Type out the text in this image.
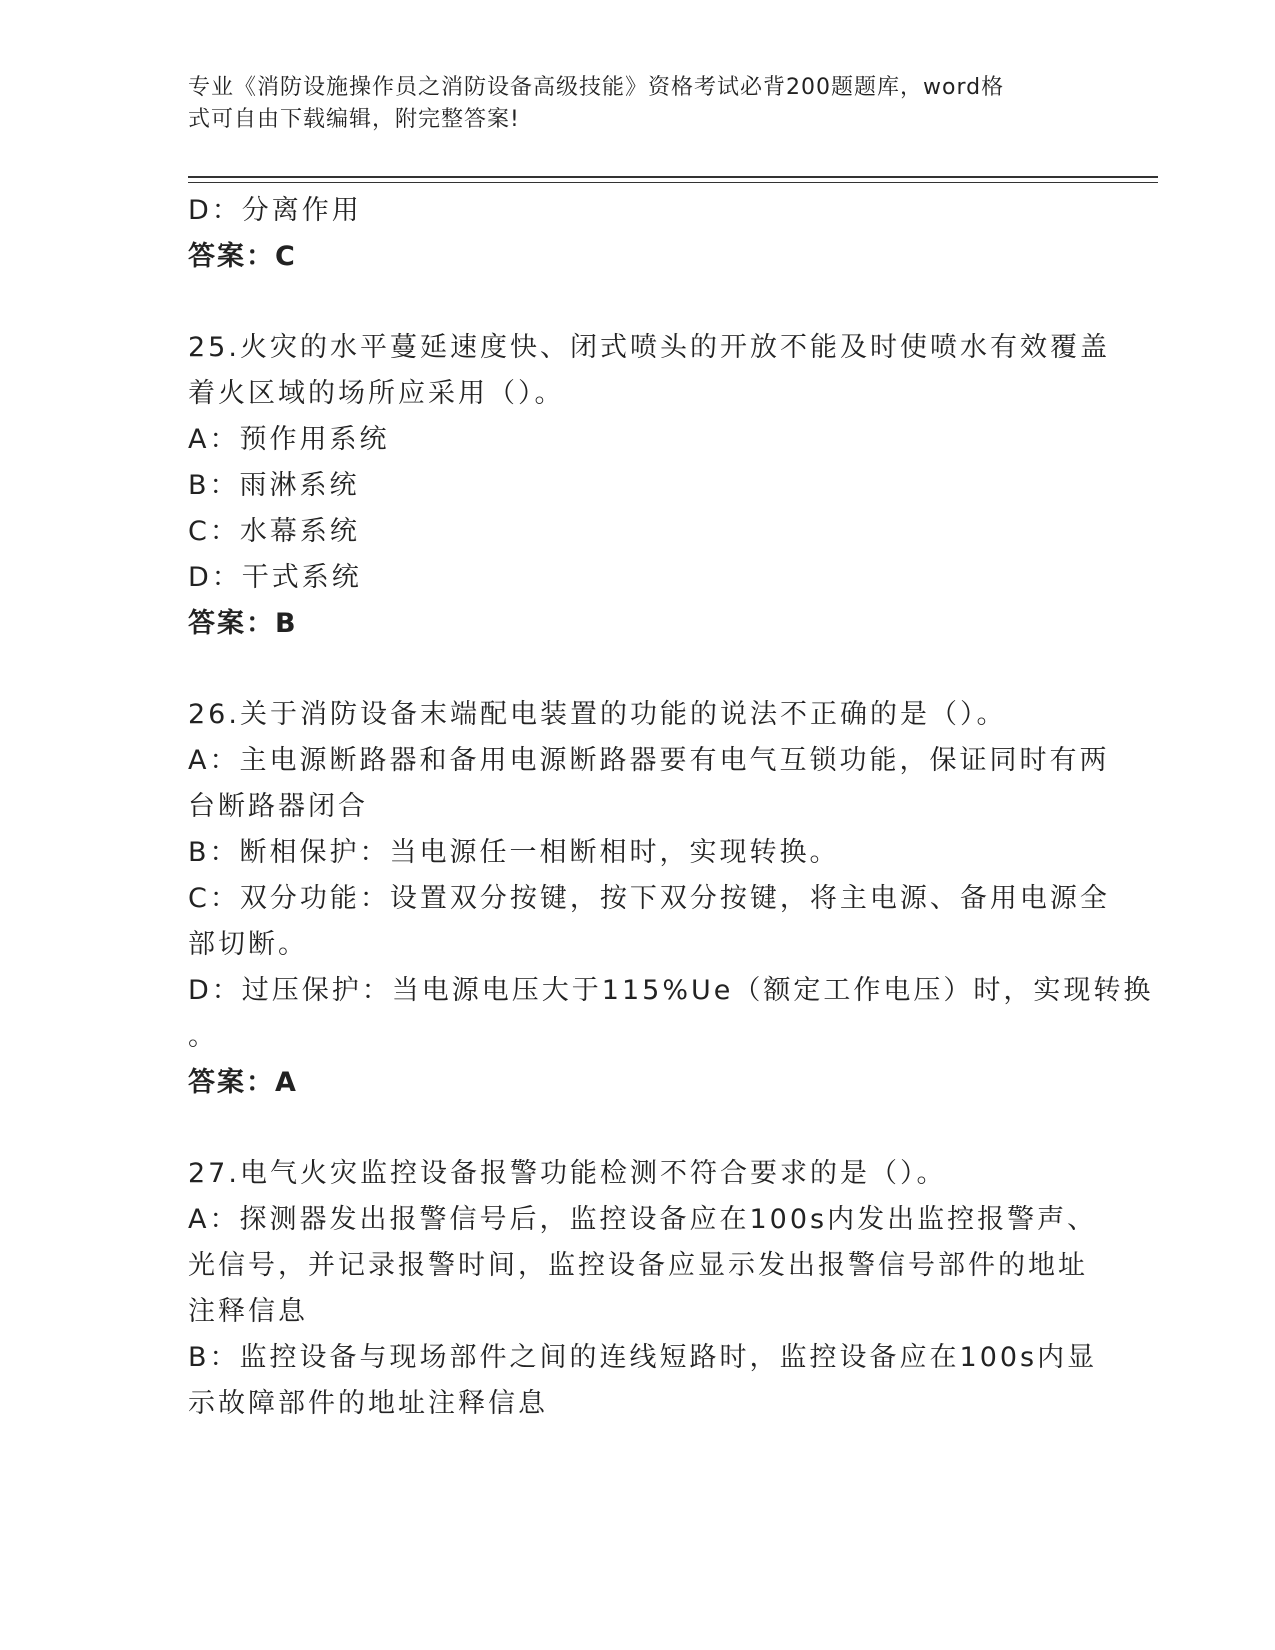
专业《消防设施操作员之消防设备高级技能》资格考试必背200题题库，word格
式可自由下载编辑，附完整答案!
D：分离作用
答案：C
25.火灾的水平蔓延速度快、闭式喷头的开放不能及时使喷水有效覆盖
着火区域的场所应采用（）。
A：预作用系统
B：雨淋系统
C：水幕系统
D：干式系统
答案：B
26.关于消防设备末端配电装置的功能的说法不正确的是（）。
A：主电源断路器和备用电源断路器要有电气互锁功能，保证同时有两
台断路器闭合
B：断相保护：当电源任一相断相时，实现转换。
C：双分功能：设置双分按键，按下双分按键，将主电源、备用电源全
部切断。
D：过压保护：当电源电压大于115%Ue（额定工作电压）时，实现转换
。
答案：A
27.电气火灾监控设备报警功能检测不符合要求的是（）。
A：探测器发出报警信号后，监控设备应在100s内发出监控报警声、
光信号，并记录报警时间，监控设备应显示发出报警信号部件的地址
注释信息
B：监控设备与现场部件之间的连线短路时，监控设备应在100s内显
示故障部件的地址注释信息
